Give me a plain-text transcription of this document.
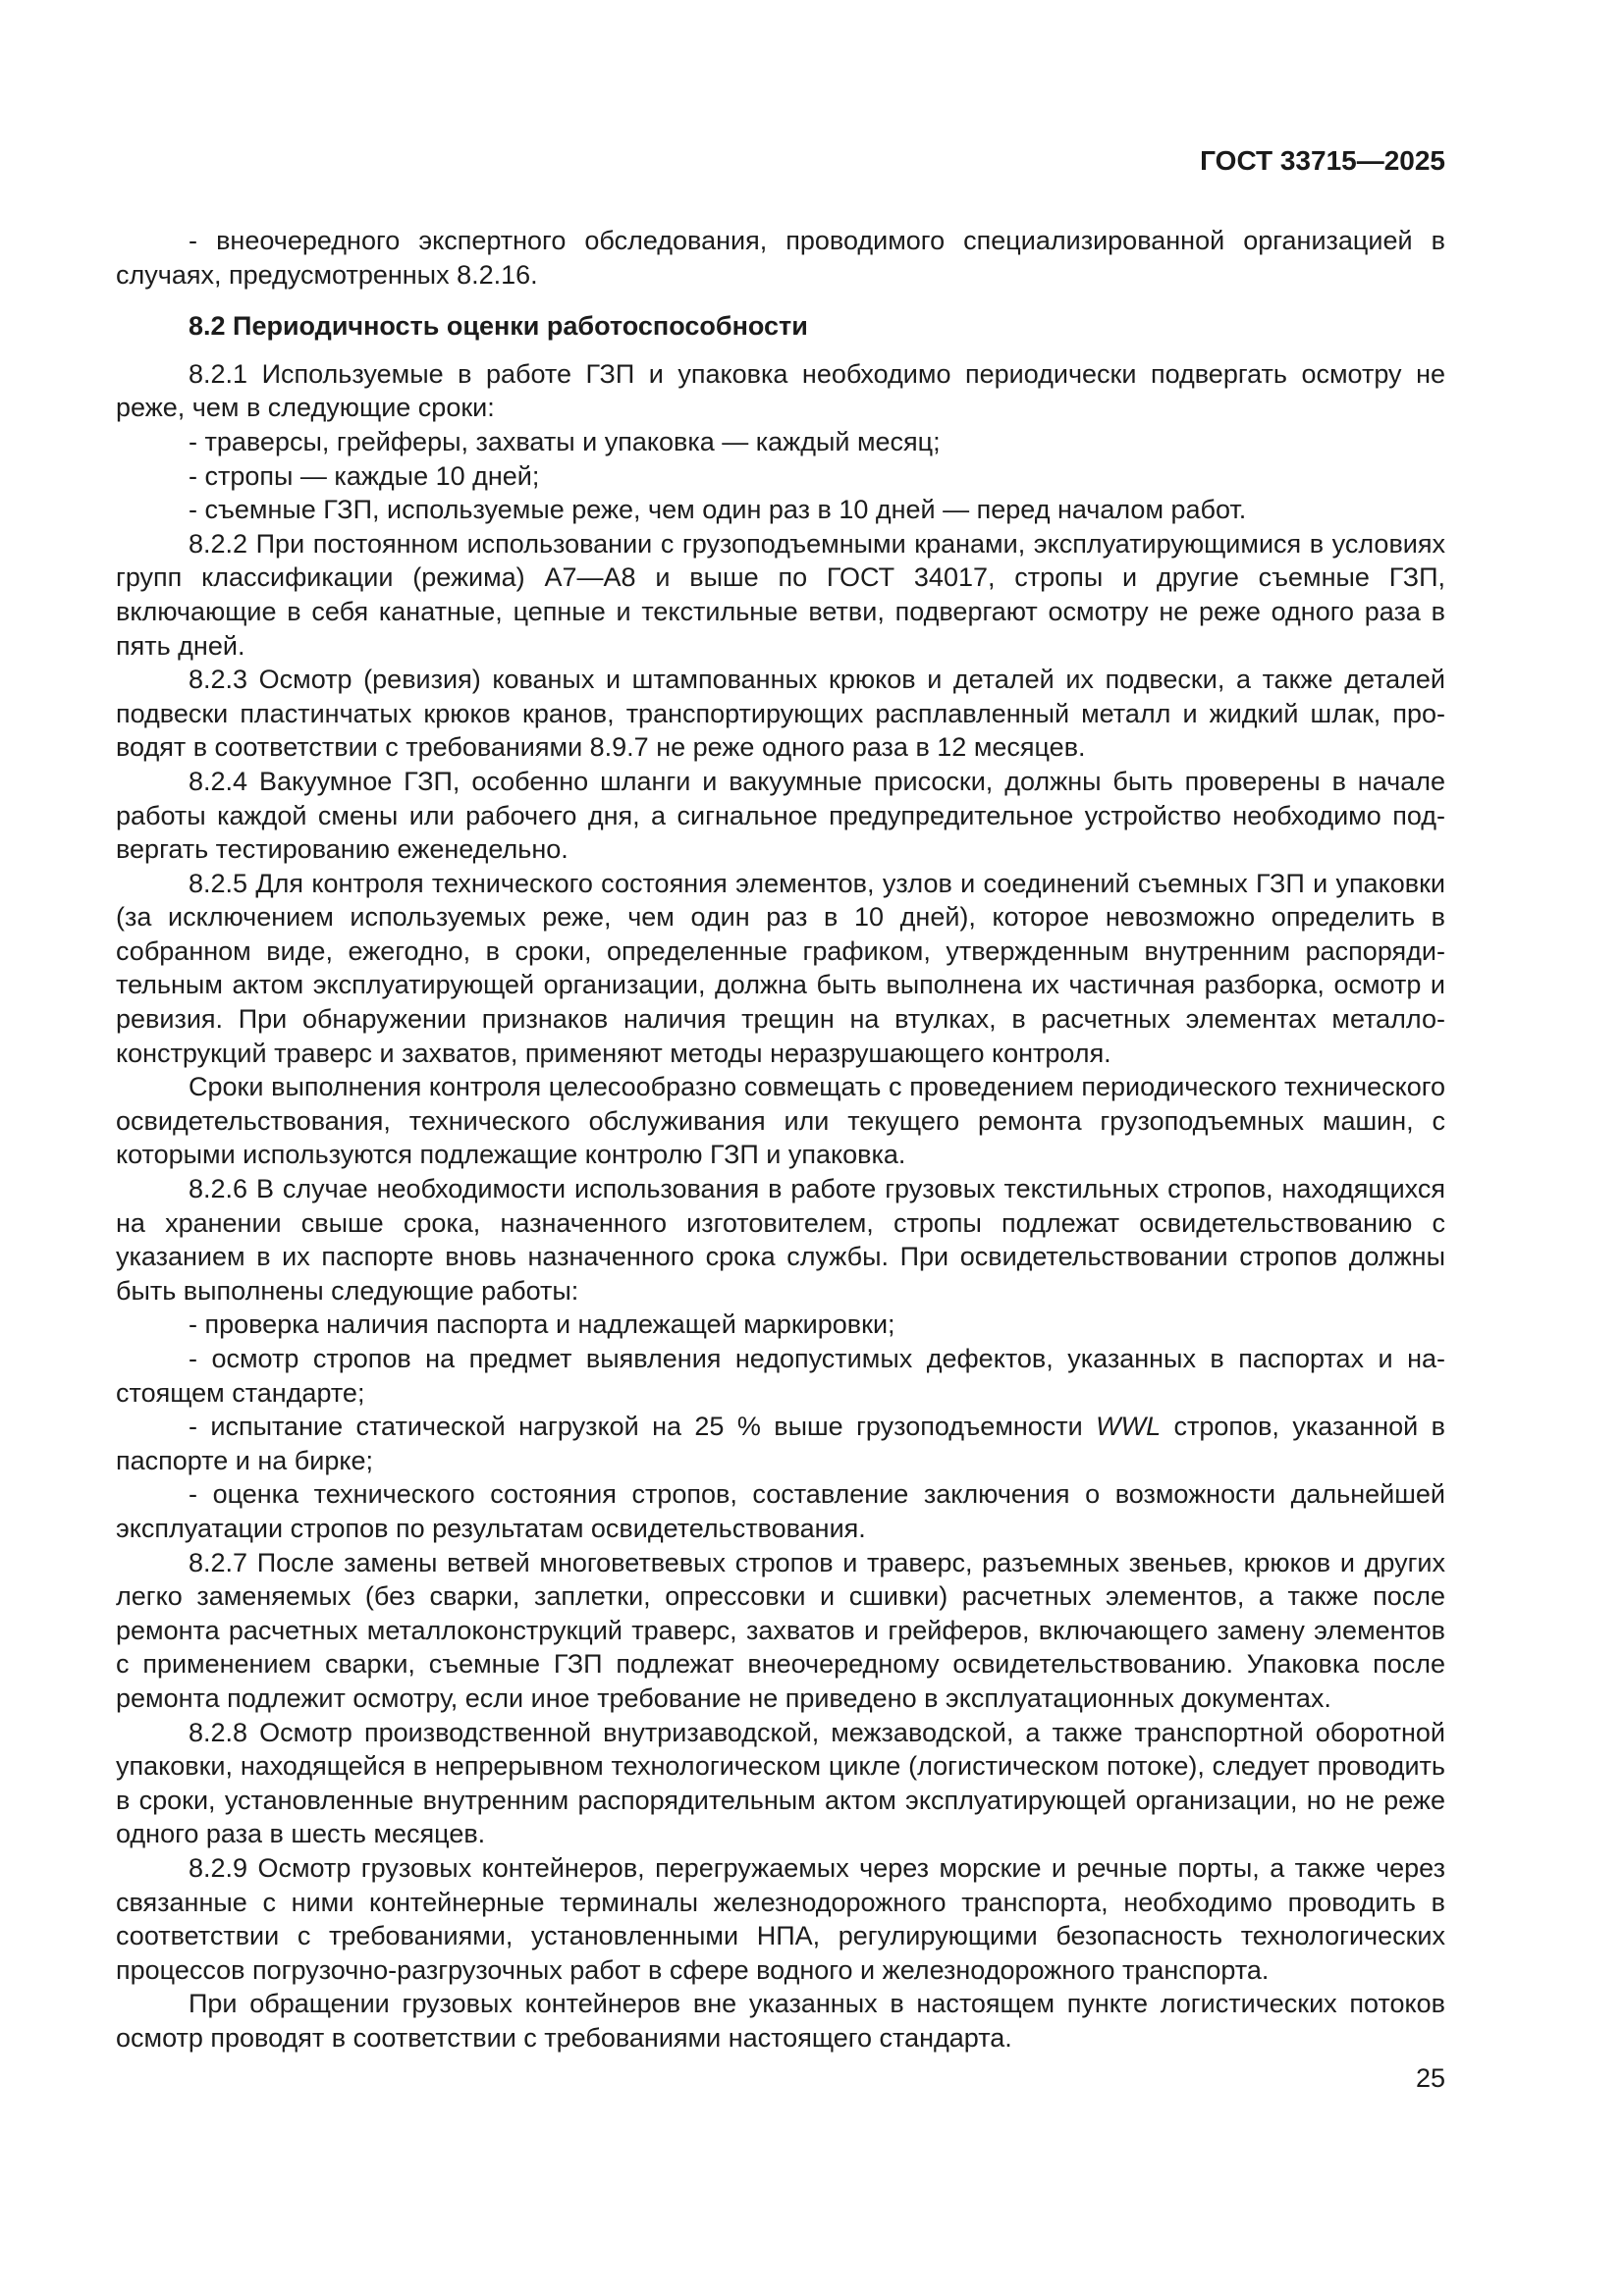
ГОСТ 33715—2025

- внеочередного экспертного обследования, проводимого специализированной организацией в случаях, предусмотренных 8.2.16.

8.2 Периодичность оценки работоспособности

8.2.1 Используемые в работе ГЗП и упаковка необходимо периодически подвергать осмотру не реже, чем в следующие сроки:

- траверсы, грейферы, захваты и упаковка — каждый месяц;

- стропы — каждые 10 дней;

- съемные ГЗП, используемые реже, чем один раз в 10 дней — перед началом работ.

8.2.2 При постоянном использовании с грузоподъемными кранами, эксплуатирующимися в условиях групп классификации (режима) А7—А8 и выше по ГОСТ 34017, стропы и другие съемные ГЗП, включающие в себя канатные, цепные и текстильные ветви, подвергают осмотру не реже одного раза в пять дней.

8.2.3 Осмотр (ревизия) кованых и штампованных крюков и деталей их подвески, а также деталей подвески пластинчатых крюков кранов, транспортирующих расплавленный металл и жидкий шлак, проводят в соответствии с требованиями 8.9.7 не реже одного раза в 12 месяцев.

8.2.4 Вакуумное ГЗП, особенно шланги и вакуумные присоски, должны быть проверены в начале работы каждой смены или рабочего дня, а сигнальное предупредительное устройство необходимо подвергать тестированию еженедельно.

8.2.5 Для контроля технического состояния элементов, узлов и соединений съемных ГЗП и упаковки (за исключением используемых реже, чем один раз в 10 дней), которое невозможно определить в собранном виде, ежегодно, в сроки, определенные графиком, утвержденным внутренним распорядительным актом эксплуатирующей организации, должна быть выполнена их частичная разборка, осмотр и ревизия. При обнаружении признаков наличия трещин на втулках, в расчетных элементах металлоконструкций траверс и захватов, применяют методы неразрушающего контроля.

Сроки выполнения контроля целесообразно совмещать с проведением периодического технического освидетельствования, технического обслуживания или текущего ремонта грузоподъемных машин, с которыми используются подлежащие контролю ГЗП и упаковка.

8.2.6 В случае необходимости использования в работе грузовых текстильных стропов, находящихся на хранении свыше срока, назначенного изготовителем, стропы подлежат освидетельствованию с указанием в их паспорте вновь назначенного срока службы. При освидетельствовании стропов должны быть выполнены следующие работы:

- проверка наличия паспорта и надлежащей маркировки;

- осмотр стропов на предмет выявления недопустимых дефектов, указанных в паспортах и настоящем стандарте;

- испытание статической нагрузкой на 25 % выше грузоподъемности WWL стропов, указанной в паспорте и на бирке;

- оценка технического состояния стропов, составление заключения о возможности дальнейшей эксплуатации стропов по результатам освидетельствования.

8.2.7 После замены ветвей многоветвевых стропов и траверс, разъемных звеньев, крюков и других легко заменяемых (без сварки, заплетки, опрессовки и сшивки) расчетных элементов, а также после ремонта расчетных металлоконструкций траверс, захватов и грейферов, включающего замену элементов с применением сварки, съемные ГЗП подлежат внеочередному освидетельствованию. Упаковка после ремонта подлежит осмотру, если иное требование не приведено в эксплуатационных документах.

8.2.8 Осмотр производственной внутризаводской, межзаводской, а также транспортной оборотной упаковки, находящейся в непрерывном технологическом цикле (логистическом потоке), следует проводить в сроки, установленные внутренним распорядительным актом эксплуатирующей организации, но не реже одного раза в шесть месяцев.

8.2.9 Осмотр грузовых контейнеров, перегружаемых через морские и речные порты, а также через связанные с ними контейнерные терминалы железнодорожного транспорта, необходимо проводить в соответствии с требованиями, установленными НПА, регулирующими безопасность технологических процессов погрузочно-разгрузочных работ в сфере водного и железнодорожного транспорта.

При обращении грузовых контейнеров вне указанных в настоящем пункте логистических потоков осмотр проводят в соответствии с требованиями настоящего стандарта.

25
